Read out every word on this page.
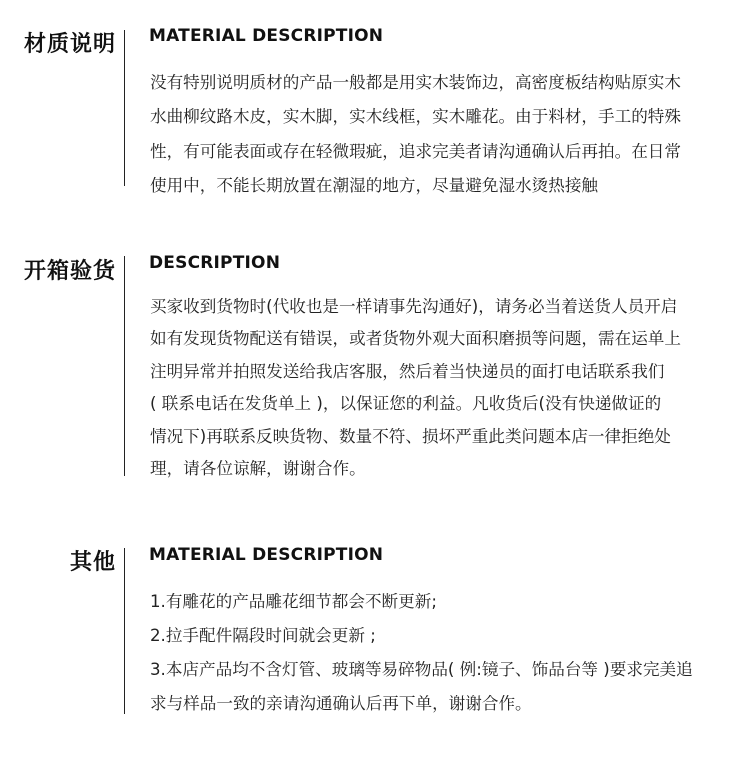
材质说明 MATERIAL DESCRIPTION
没有特别说明质材的产品一般都是用实木装饰边，高密度板结构贴原实木
水曲柳纹路木皮，实木脚，实木线框，实木雕花。由于料材，手工的特殊
性，有可能表面或存在轻微瑕疵，追求完美者请沟通确认后再拍。在日常
使用中，不能长期放置在潮湿的地方，尽量避免湿水烫热接触
开箱验货 DESCRIPTION
买家收到货物时(代收也是一样请事先沟通好)，请务必当着送货人员开启
如有发现货物配送有错误，或者货物外观大面积磨损等问题，需在运单上
注明异常并拍照发送给我店客服，然后着当快递员的面打电话联系我们
( 联系电话在发货单上 )，以保证您的利益。凡收货后(没有快递做证的
情况下)再联系反映货物、数量不符、损坏严重此类问题本店一律拒绝处
理，请各位谅解，谢谢合作。
其他 MATERIAL DESCRIPTION
1.有雕花的产品雕花细节都会不断更新;
2.拉手配件隔段时间就会更新 ;
3.本店产品均不含灯管、玻璃等易碎物品( 例:镜子、饰品台等 )要求完美追
求与样品一致的亲请沟通确认后再下单，谢谢合作。
